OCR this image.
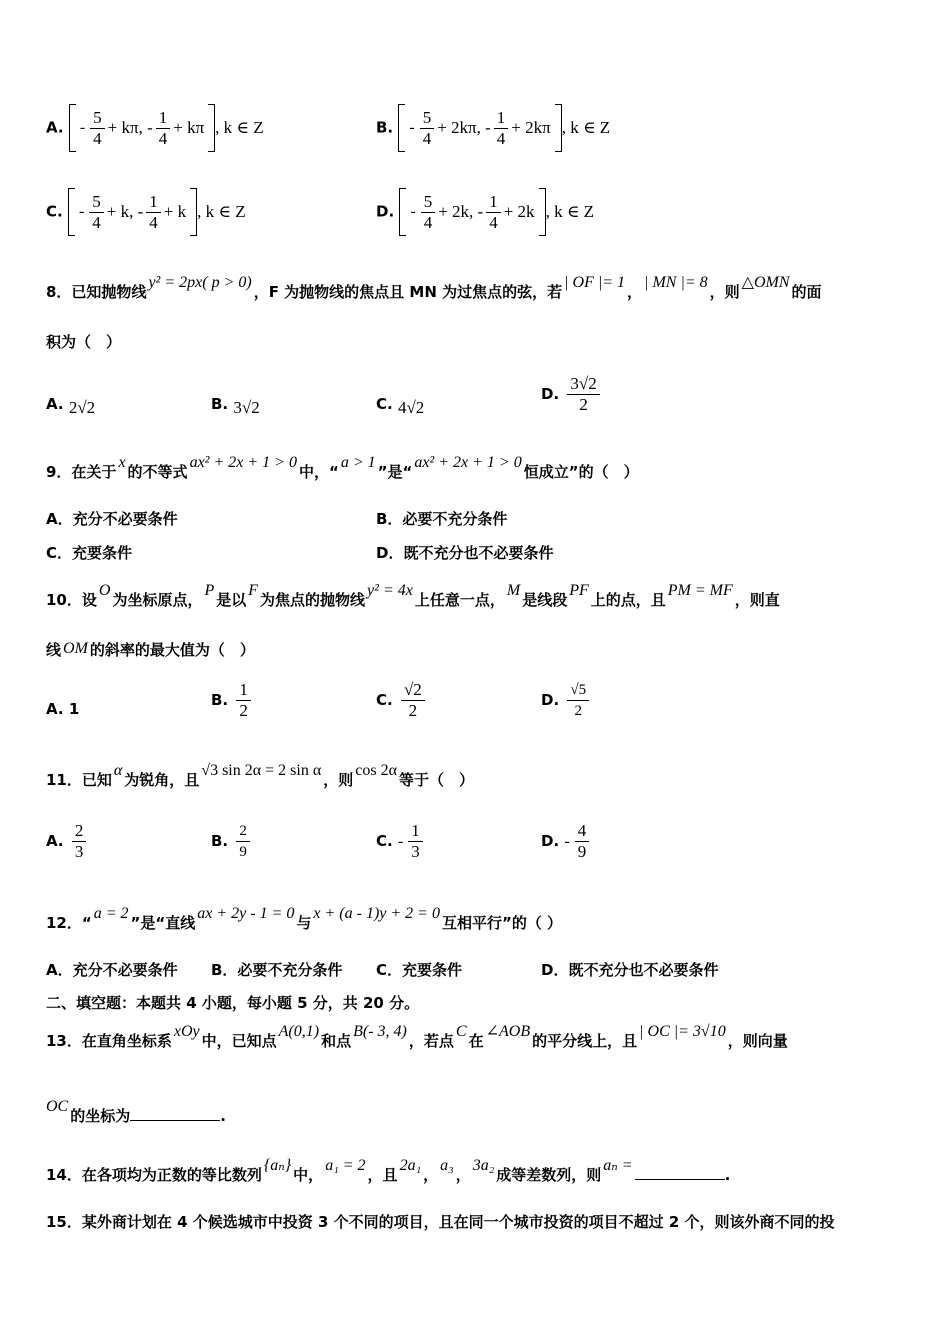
A. - $\frac{5}{4} + k\pi$, - $\frac{1}{4} + k\pi$ , k ∈ Z	B. - $\frac{5}{4} + 2k\pi$, - $\frac{1}{4} + 2k\pi$ , k ∈ Z
C. - $\frac{5}{4} + k$, - $\frac{1}{4} + k$ , k ∈ Z	D. - $\frac{5}{4} + 2k$, - $\frac{1}{4} + 2k$ , k ∈ Z
8．已知抛物线y² = 2px( p > 0)，F 为抛物线的焦点且 MN 为过焦点的弦，若| OF |= 1，| MN |= 8，则△OMN的面
积为（　）
A. 2√2	B. 3√2	C. 4√2
D. $\frac{3√2}{2}$
9．在关于x的不等式ax² + 2x + 1 > 0中，“a > 1”是“ax² + 2x + 1 > 0恒成立”的（　）
A．充分不必要条件	B．必要不充分条件
C．充要条件	D．既不充分也不必要条件
10．设O为坐标原点，P是以F为焦点的抛物线y² = 4x上任意一点，M是线段PF上的点，且PM = MF，则直
线 OM 的斜率的最大值为（　）
A. 1	B. $\frac{1}{2}$	C. $\frac{√2}{2}$	D. $\frac{√5}{2}$
11．已知α为锐角，且√3 sin 2α = 2 sin α，则cos 2α等于（　）
A. $\frac{2}{3}$	B. $\frac{2}{9}$	C. - $\frac{1}{3}$	D. - $\frac{4}{9}$
12．“a = 2”是“直线ax + 2y - 1 = 0与x + (a - 1)y + 2 = 0互相平行”的（ ）
A．充分不必要条件 B．必要不充分条件 C．充要条件	D．既不充分也不必要条件
二、填空题：本题共 4 小题，每小题 5 分，共 20 分。
13．在直角坐标系xOy中，已知点A(0,1)和点B(- 3, 4)，若点C在∠AOB的平分线上，且| OC |= 3√10，则向量
OC的坐标为	.
14．在各项均为正数的等比数列{aₙ}中，a₁ = 2，且2a₁，a₃，3a₂成等差数列，则aₙ =.
15．某外商计划在 4 个候选城市中投资 3 个不同的项目，且在同一个城市投资的项目不超过 2 个，则该外商不同的投
